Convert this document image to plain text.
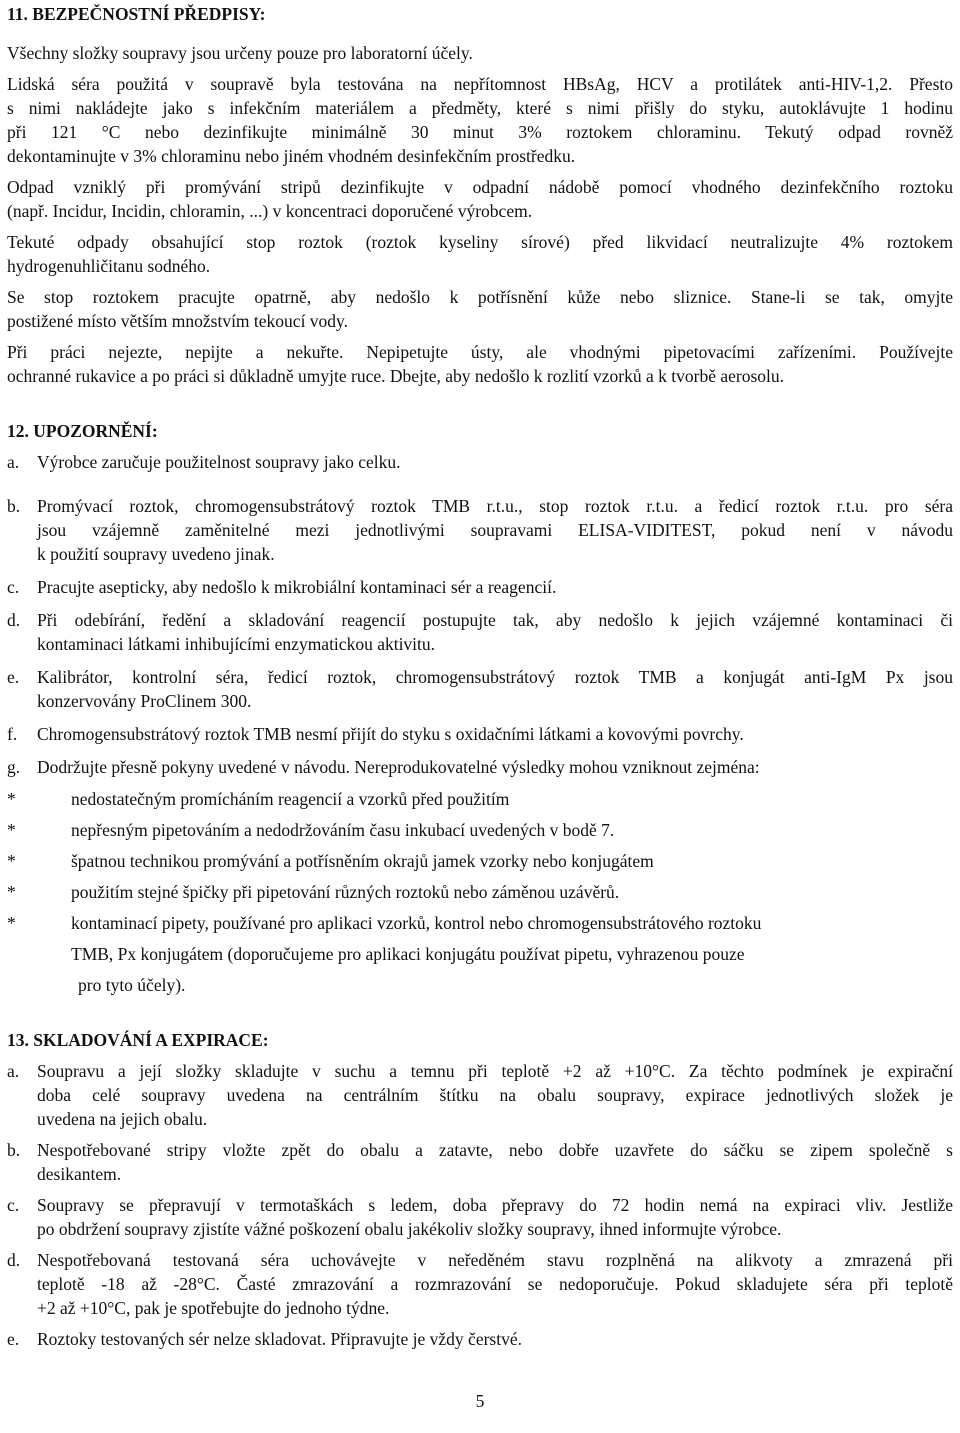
11. BEZPEČNOSTNÍ PŘEDPISY:
Všechny složky soupravy jsou určeny pouze pro laboratorní účely.
Lidská séra použitá v soupravě byla testována na nepřítomnost HBsAg, HCV a protilátek anti-HIV-1,2. Přesto
s nimi nakládejte jako s infekčním materiálem a předměty, které s nimi přišly do styku, autoklávujte 1 hodinu
při 121 °C nebo dezinfikujte minimálně 30 minut 3% roztokem chloraminu. Tekutý odpad rovněž
dekontaminujte v 3% chloraminu nebo jiném vhodném desinfekčním prostředku.
Odpad vzniklý při promývání stripů dezinfikujte v odpadní nádobě pomocí vhodného dezinfekčního roztoku
(např. Incidur, Incidin, chloramin, ...) v koncentraci doporučené výrobcem.
Tekuté odpady obsahující stop roztok (roztok kyseliny sírové) před likvidací neutralizujte 4% roztokem
hydrogenuhličitanu sodného.
Se stop roztokem pracujte opatrně, aby nedošlo k potřísnění kůže nebo sliznice. Stane-li se tak, omyjte
postižené místo větším množstvím tekoucí vody.
Při práci nejezte, nepijte a nekuřte. Nepipetujte ústy, ale vhodnými pipetovacími zařízeními. Používejte
ochranné rukavice a po práci si důkladně umyjte ruce. Dbejte, aby nedošlo k rozlití vzorků a k tvorbě aerosolu.
12. UPOZORNĚNÍ:
a. Výrobce zaručuje použitelnost soupravy jako celku.
b. Promývací roztok, chromogensubstrátový roztok TMB r.t.u., stop roztok r.t.u. a ředicí roztok r.t.u. pro séra
jsou vzájemně zaměnitelné mezi jednotlivými soupravami ELISA-VIDITEST, pokud není v návodu
k použití soupravy uvedeno jinak.
c. Pracujte asepticky, aby nedošlo k mikrobiální kontaminaci sér a reagencií.
d. Při odebírání, ředění a skladování reagencií postupujte tak, aby nedošlo k jejich vzájemné kontaminaci či
kontaminaci látkami inhibujícími enzymatickou aktivitu.
e. Kalibrátor, kontrolní séra, ředicí roztok, chromogensubstrátový roztok TMB a konjugát anti-IgM Px jsou
konzervovány ProClinem 300.
f. Chromogensubstrátový roztok TMB nesmí přijít do styku s oxidačními látkami a kovovými povrchy.
g. Dodržujte přesně pokyny uvedené v návodu. Nereprodukovatelné výsledky mohou vzniknout zejména:
*	nedostatečným promícháním reagencií a vzorků před použitím
*	nepřesným pipetováním a nedodržováním času inkubací uvedených v bodě 7.
*	špatnou technikou promývání a potřísněním okrajů jamek vzorky nebo konjugátem
*	použitím stejné špičky při pipetování různých roztoků nebo záměnou uzávěrů.
*	kontaminací pipety, používané pro aplikaci vzorků, kontrol nebo chromogensubstrátového roztoku
TMB, Px konjugátem (doporučujeme pro aplikaci konjugátu používat pipetu, vyhrazenou pouze
pro tyto účely).
13. SKLADOVÁNÍ A EXPIRACE:
a. Soupravu a její složky skladujte v suchu a temnu při teplotě +2 až +10°C. Za těchto podmínek je expirační
doba celé soupravy uvedena na centrálním štítku na obalu soupravy, expirace jednotlivých složek je
uvedena na jejich obalu.
b. Nespotřebované stripy vložte zpět do obalu a zatavte, nebo dobře uzavřete do sáčku se zipem společně s
desikantem.
c. Soupravy se přepravují v termotaškách s ledem, doba přepravy do 72 hodin nemá na expiraci vliv. Jestliže
po obdržení soupravy zjistíte vážné poškození obalu jakékoliv složky soupravy, ihned informujte výrobce.
d. Nespotřebovaná testovaná séra uchovávejte v neředěném stavu rozplněná na alikvoty a zmrazená při
teplotě -18 až -28°C. Časté zmrazování a rozmrazování se nedoporučuje. Pokud skladujete séra při teplotě
+2 až +10°C, pak je spotřebujte do jednoho týdne.
e. Roztoky testovaných sér nelze skladovat. Připravujte je vždy čerstvé.
5
